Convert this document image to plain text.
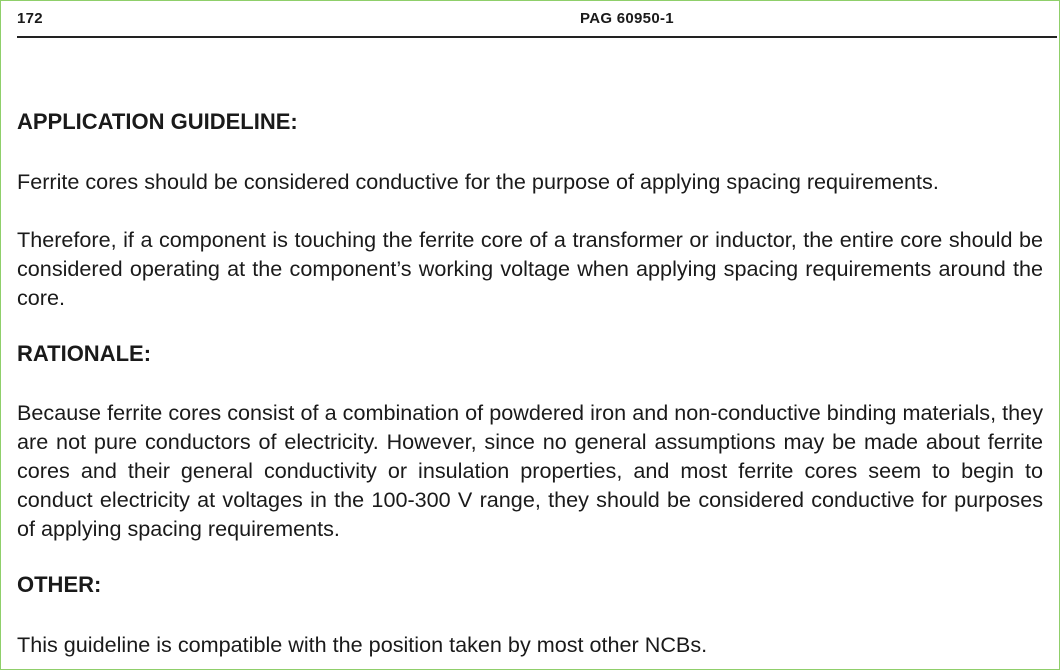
172	PAG 60950-1
APPLICATION GUIDELINE:

Ferrite cores should be considered conductive for the purpose of applying spacing requirements.

Therefore, if a component is touching the ferrite core of a transformer or inductor, the entire core should be considered operating at the component’s working voltage when applying spacing requirements around the core.

RATIONALE:

Because ferrite cores consist of a combination of powdered iron and non-conductive binding materials, they are not pure conductors of electricity. However, since no general assumptions may be made about ferrite cores and their general conductivity or insulation properties, and most ferrite cores seem to begin to conduct electricity at voltages in the 100-300 V range, they should be considered conductive for purposes of applying spacing requirements.

OTHER:

This guideline is compatible with the position taken by most other NCBs.
